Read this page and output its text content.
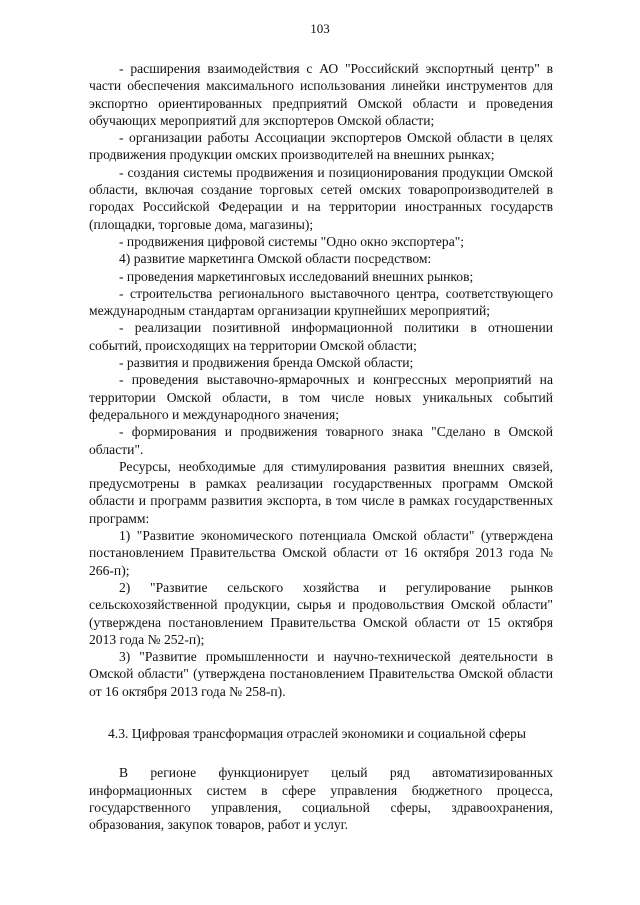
103

- расширения взаимодействия с АО "Российский экспортный центр" в части обеспечения максимального использования линейки инструментов для экспортно ориентированных предприятий Омской области и проведения обучающих мероприятий для экспортеров Омской области;

- организации работы Ассоциации экспортеров Омской области в целях продвижения продукции омских производителей на внешних рынках;

- создания системы продвижения и позиционирования продукции Омской области, включая создание торговых сетей омских товаропроизводителей в городах Российской Федерации и на территории иностранных государств (площадки, торговые дома, магазины);

- продвижения цифровой системы "Одно окно экспортера";

4) развитие маркетинга Омской области посредством:

- проведения маркетинговых исследований внешних рынков;

- строительства регионального выставочного центра, соответствующего международным стандартам организации крупнейших мероприятий;

- реализации позитивной информационной политики в отношении событий, происходящих на территории Омской области;

- развития и продвижения бренда Омской области;

- проведения выставочно-ярмарочных и конгрессных мероприятий на территории Омской области, в том числе новых уникальных событий федерального и международного значения;

- формирования и продвижения товарного знака "Сделано в Омской области".

Ресурсы, необходимые для стимулирования развития внешних связей, предусмотрены в рамках реализации государственных программ Омской области и программ развития экспорта, в том числе в рамках государственных программ:

1) "Развитие экономического потенциала Омской области" (утверждена постановлением Правительства Омской области от 16 октября 2013 года № 266-п);

2) "Развитие сельского хозяйства и регулирование рынков сельскохозяйственной продукции, сырья и продовольствия Омской области" (утверждена постановлением Правительства Омской области от 15 октября 2013 года № 252-п);

3) "Развитие промышленности и научно-технической деятельности в Омской области" (утверждена постановлением Правительства Омской области от 16 октября 2013 года № 258-п).

4.3. Цифровая трансформация отраслей экономики и социальной сферы

В регионе функционирует целый ряд автоматизированных информационных систем в сфере управления бюджетного процесса, государственного управления, социальной сферы, здравоохранения, образования, закупок товаров, работ и услуг.
